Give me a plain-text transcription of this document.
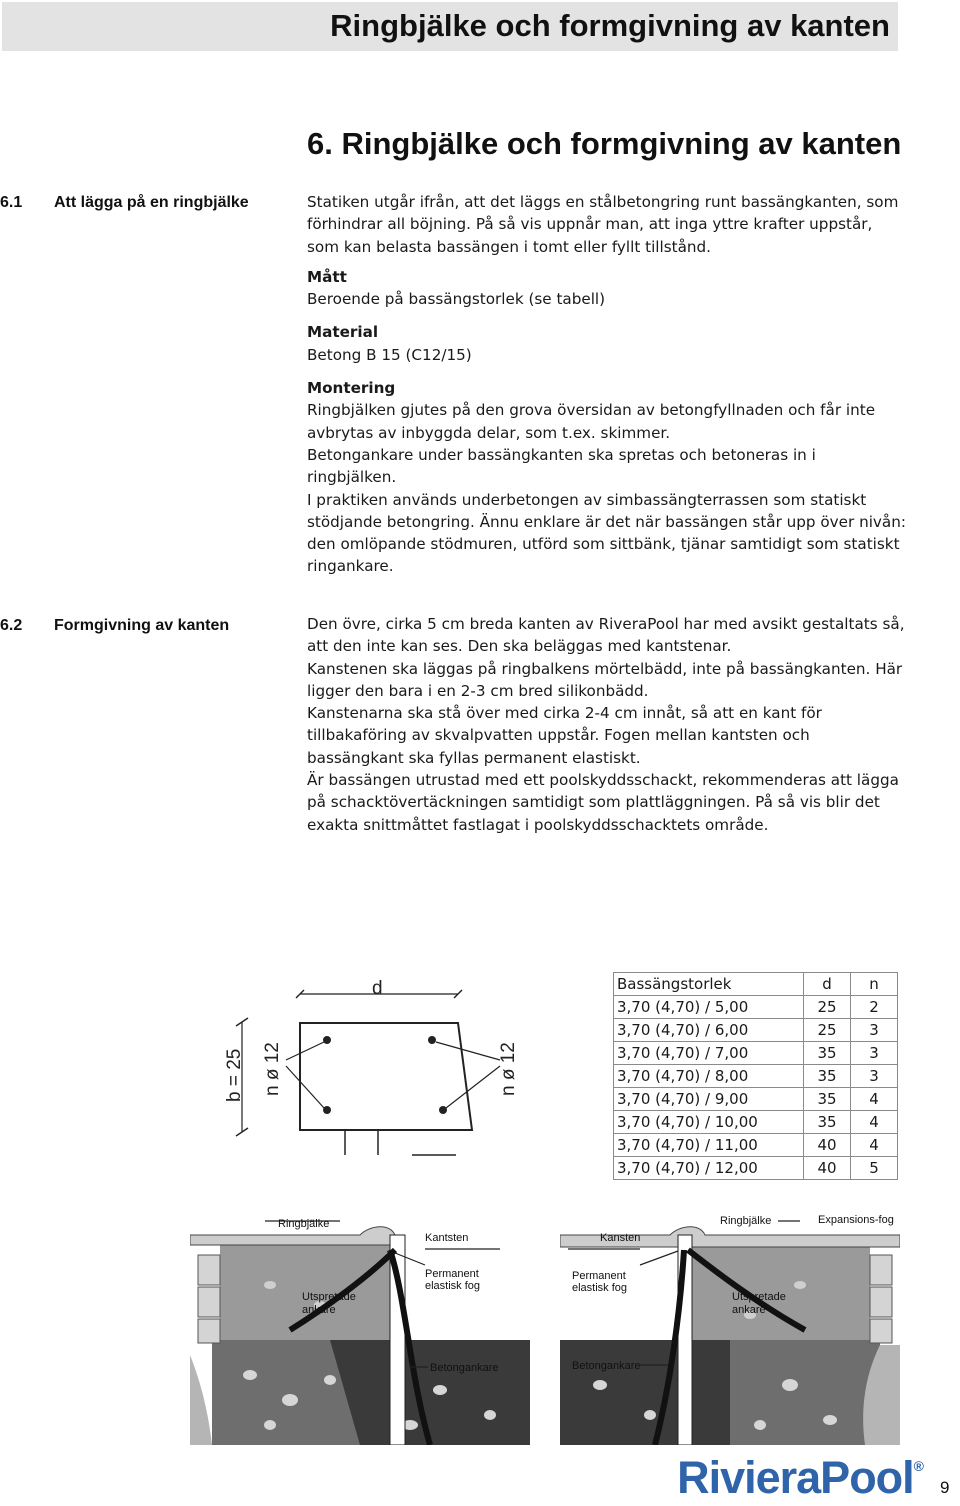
Ringbjälke och formgivning av kanten
6. Ringbjälke och formgivning av kanten
6.1 Att lägga på en ringbjälke	Statiken utgår ifrån, att det läggs en stålbetongring runt bassängkanten, som förhindrar all böjning. På så vis uppnår man, att inga yttre krafter uppstår, som kan belasta bassängen i tomt eller fyllt tillstånd.

Mått

Beroende på bassängstorlek (se tabell)

Material

Betong B 15 (C12/15)

Montering

Ringbjälken gjutes på den grova översidan av betongfyllnaden och får inte avbrytas av inbyggda delar, som t.ex. skimmer.

Betongankare under bassängkanten ska spretas och betoneras in i ringbjälken.

I praktiken används underbetongen av simbassängterrassen som statiskt stödjande betongring. Ännu enklare är det när bassängen står upp över nivån: den omlöpande stödmuren, utförd som sittbänk, tjänar samtidigt som statiskt ringankare.

6.2 Formgivning av kanten	Den övre, cirka 5 cm breda kanten av RiveraPool har med avsikt gestaltats så, att den inte kan ses. Den ska beläggas med kantstenar.

Kanstenen ska läggas på ringbalkens mörtelbädd, inte på bassängkanten. Här ligger den bara i en 2-3 cm bred silikonbädd.

Kanstenarna ska stå över med cirka 2-4 cm innåt, så att en kant för tillbakaföring av skvalpvatten uppstår. Fogen mellan kantsten och bassängkant ska fyllas permanent elastiskt.

Är bassängen utrustad med ett poolskyddsschackt, rekommenderas att lägga på schacktövertäckningen samtidigt som plattläggningen. På så vis blir det exakta snittmåttet fastlagat i poolskyddsschacktets område.

d
b = 25 n ø 12	n ø 12
Bassängstorlek	d	n
3,70 (4,70) / 5,00	25	2
3,70 (4,70) / 6,00	25	3
3,70 (4,70) / 7,00	35	3
3,70 (4,70) / 8,00	35	3
3,70 (4,70) / 9,00	35	4
3,70 (4,70) / 10,00	35	4
3,70 (4,70) / 11,00	40	4
3,70 (4,70) / 12,00	40	5
Ringbjälke
Kantsten
Permanent
elastisk fog
Utspretade
ankare
Betongankare
Kansten
Ringbjälke	Expansions-fog
Permanent
elastisk fog
Utspretade
ankare
Betongankare
RivieraPool®
9
